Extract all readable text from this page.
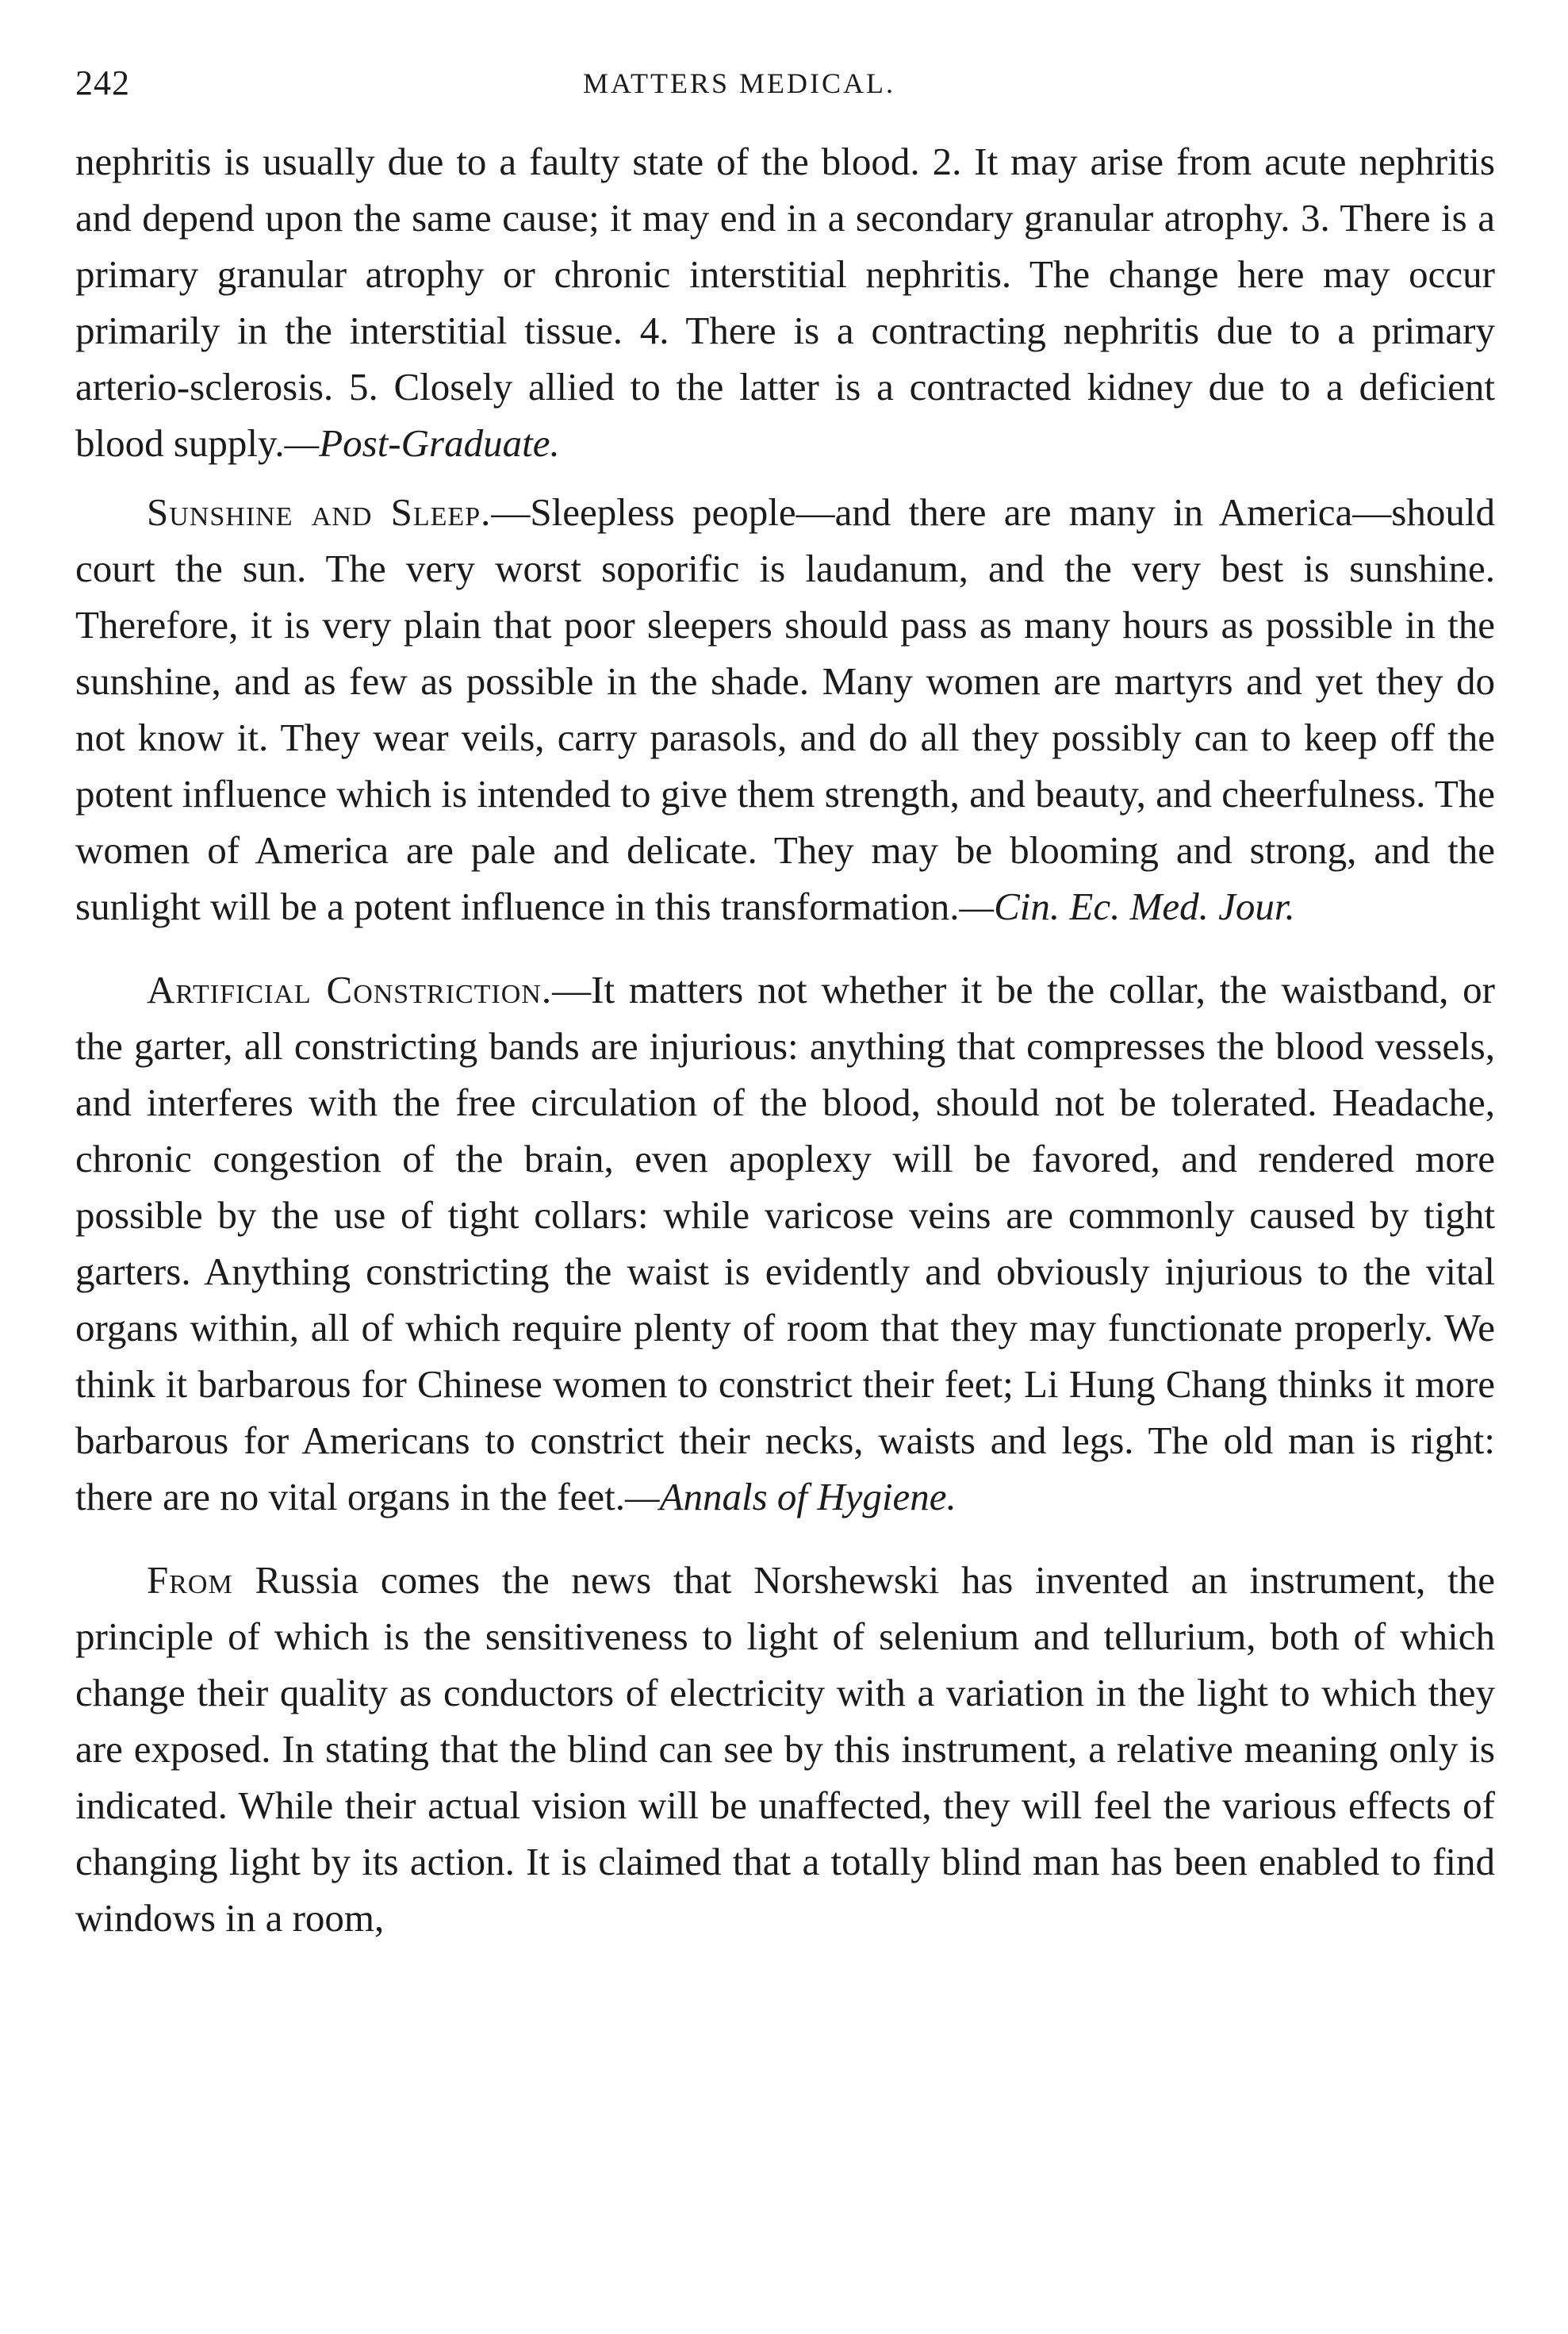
242	MATTERS MEDICAL.

nephritis is usually due to a faulty state of the blood. 2. It may arise from acute nephritis and depend upon the same cause; it may end in a secondary granular atrophy. 3. There is a primary granular atrophy or chronic interstitial nephritis. The change here may occur primarily in the interstitial tissue. 4. There is a contracting nephritis due to a primary arterio-sclerosis. 5. Closely allied to the latter is a contracted kidney due to a deficient blood supply.—Post-Graduate.

Sunshine and Sleep.—Sleepless people—and there are many in America—should court the sun. The very worst soporific is laudanum, and the very best is sunshine. Therefore, it is very plain that poor sleepers should pass as many hours as possible in the sunshine, and as few as possible in the shade. Many women are martyrs and yet they do not know it. They wear veils, carry parasols, and do all they possibly can to keep off the potent influence which is intended to give them strength, and beauty, and cheerfulness. The women of America are pale and delicate. They may be blooming and strong, and the sunlight will be a potent influence in this transformation.—Cin. Ec. Med. Jour.

Artificial Constriction.—It matters not whether it be the collar, the waistband, or the garter, all constricting bands are injurious: anything that compresses the blood vessels, and interferes with the free circulation of the blood, should not be tolerated. Headache, chronic congestion of the brain, even apoplexy will be favored, and rendered more possible by the use of tight collars: while varicose veins are commonly caused by tight garters. Anything constricting the waist is evidently and obviously injurious to the vital organs within, all of which require plenty of room that they may functionate properly. We think it barbarous for Chinese women to constrict their feet; Li Hung Chang thinks it more barbarous for Americans to constrict their necks, waists and legs. The old man is right: there are no vital organs in the feet.—Annals of Hygiene.

From Russia comes the news that Norshewski has invented an instrument, the principle of which is the sensitiveness to light of selenium and tellurium, both of which change their quality as conductors of electricity with a variation in the light to which they are exposed. In stating that the blind can see by this instrument, a relative meaning only is indicated. While their actual vision will be unaffected, they will feel the various effects of changing light by its action. It is claimed that a totally blind man has been enabled to find windows in a room,
